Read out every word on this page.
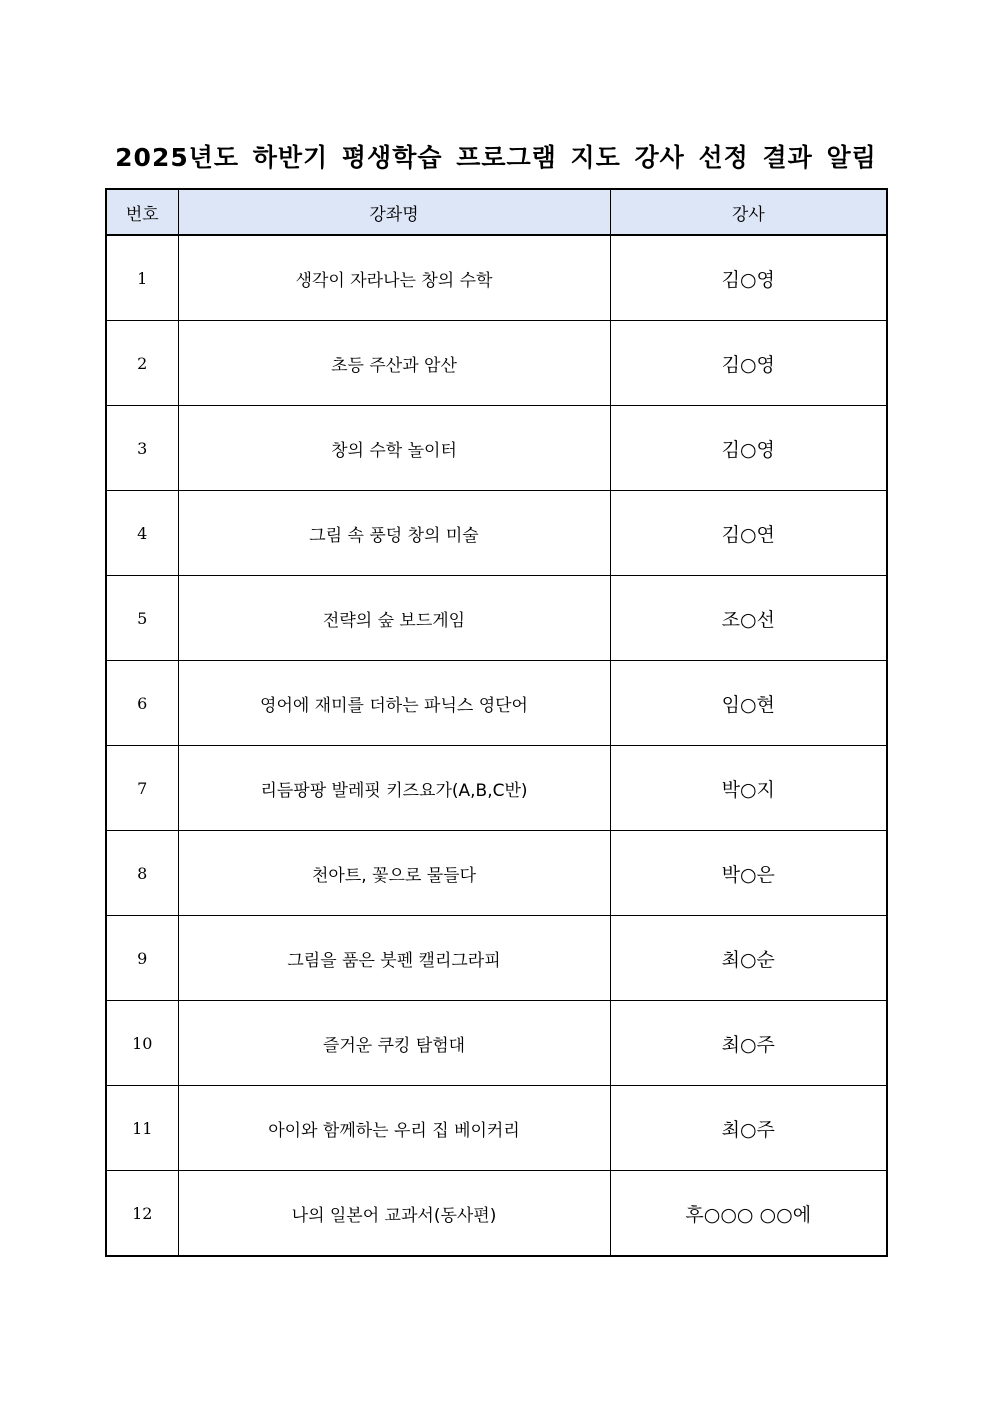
2025년도 하반기 평생학습 프로그램 지도 강사 선정 결과 알림
번호	강좌명	강사
1	생각이 자라나는 창의 수학	김○영
2	초등 주산과 암산	김○영
3	창의 수학 놀이터	김○영
4	그림 속 풍덩 창의 미술	김○연
5	전략의 숲 보드게임	조○선
6	영어에 재미를 더하는 파닉스 영단어	임○현
7	리듬팡팡 발레핏 키즈요가(A,B,C반)	박○지
8	천아트, 꽃으로 물들다	박○은
9	그림을 품은 붓펜 캘리그라피	최○순
10	즐거운 쿠킹 탐험대	최○주
11	아이와 함께하는 우리 집 베이커리	최○주
12	나의 일본어 교과서(동사편)	후○○○ ○○에
